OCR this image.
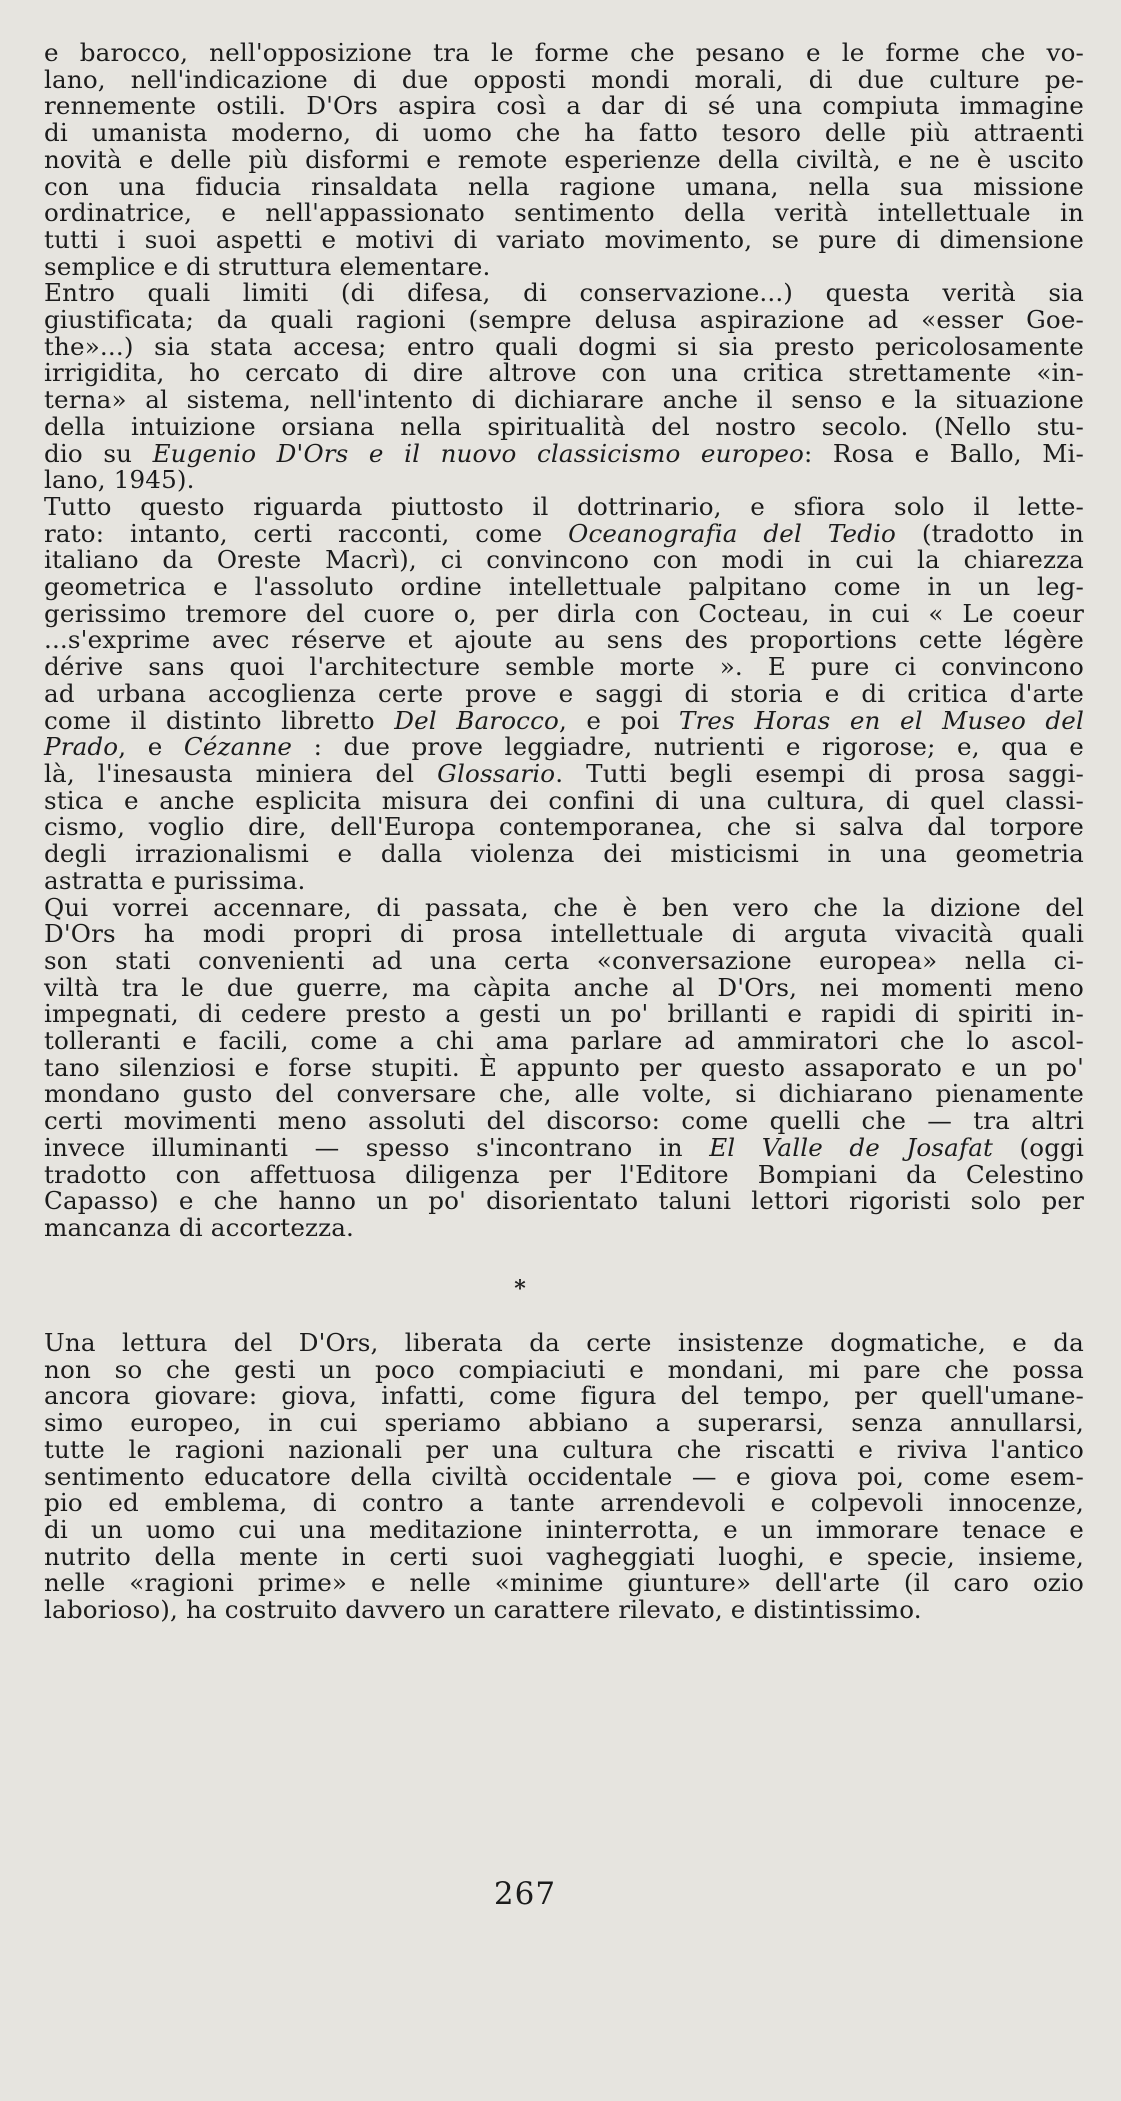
e barocco, nell'opposizione tra le forme che pesano e le forme che vo-
lano, nell'indicazione di due opposti mondi morali, di due culture pe-
rennemente ostili. D'Ors aspira così a dar di sé una compiuta immagine
di umanista moderno, di uomo che ha fatto tesoro delle più attraenti
novità e delle più disformi e remote esperienze della civiltà, e ne è uscito
con una fiducia rinsaldata nella ragione umana, nella sua missione
ordinatrice, e nell'appassionato sentimento della verità intellettuale in
tutti i suoi aspetti e motivi di variato movimento, se pure di dimensione
semplice e di struttura elementare.
Entro quali limiti (di difesa, di conservazione...) questa verità sia
giustificata; da quali ragioni (sempre delusa aspirazione ad «esser Goe-
the»...) sia stata accesa; entro quali dogmi si sia presto pericolosamente
irrigidita, ho cercato di dire altrove con una critica strettamente «in-
terna» al sistema, nell'intento di dichiarare anche il senso e la situazione
della intuizione orsiana nella spiritualità del nostro secolo. (Nello stu-
dio su Eugenio D'Ors e il nuovo classicismo europeo: Rosa e Ballo, Mi-
lano, 1945).
Tutto questo riguarda piuttosto il dottrinario, e sfiora solo il lette-
rato: intanto, certi racconti, come Oceanografia del Tedio (tradotto in
italiano da Oreste Macrì), ci convincono con modi in cui la chiarezza
geometrica e l'assoluto ordine intellettuale palpitano come in un leg-
gerissimo tremore del cuore o, per dirla con Cocteau, in cui « Le coeur
...s'exprime avec réserve et ajoute au sens des proportions cette légère
dérive sans quoi l'architecture semble morte ». E pure ci convincono
ad urbana accoglienza certe prove e saggi di storia e di critica d'arte
come il distinto libretto Del Barocco, e poi Tres Horas en el Museo del
Prado, e Cézanne : due prove leggiadre, nutrienti e rigorose; e, qua e
là, l'inesausta miniera del Glossario. Tutti begli esempi di prosa saggi-
stica e anche esplicita misura dei confini di una cultura, di quel classi-
cismo, voglio dire, dell'Europa contemporanea, che si salva dal torpore
degli irrazionalismi e dalla violenza dei misticismi in una geometria
astratta e purissima.
Qui vorrei accennare, di passata, che è ben vero che la dizione del
D'Ors ha modi propri di prosa intellettuale di arguta vivacità quali
son stati convenienti ad una certa «conversazione europea» nella ci-
viltà tra le due guerre, ma càpita anche al D'Ors, nei momenti meno
impegnati, di cedere presto a gesti un po' brillanti e rapidi di spiriti in-
tolleranti e facili, come a chi ama parlare ad ammiratori che lo ascol-
tano silenziosi e forse stupiti. È appunto per questo assaporato e un po'
mondano gusto del conversare che, alle volte, si dichiarano pienamente
certi movimenti meno assoluti del discorso: come quelli che — tra altri
invece illuminanti — spesso s'incontrano in El Valle de Josafat (oggi
tradotto con affettuosa diligenza per l'Editore Bompiani da Celestino
Capasso) e che hanno un po' disorientato taluni lettori rigoristi solo per
mancanza di accortezza.
*
Una lettura del D'Ors, liberata da certe insistenze dogmatiche, e da
non so che gesti un poco compiaciuti e mondani, mi pare che possa
ancora giovare: giova, infatti, come figura del tempo, per quell'umane-
simo europeo, in cui speriamo abbiano a superarsi, senza annullarsi,
tutte le ragioni nazionali per una cultura che riscatti e riviva l'antico
sentimento educatore della civiltà occidentale — e giova poi, come esem-
pio ed emblema, di contro a tante arrendevoli e colpevoli innocenze,
di un uomo cui una meditazione ininterrotta, e un immorare tenace e
nutrito della mente in certi suoi vagheggiati luoghi, e specie, insieme,
nelle «ragioni prime» e nelle «minime giunture» dell'arte (il caro ozio
laborioso), ha costruito davvero un carattere rilevato, e distintissimo.
267
